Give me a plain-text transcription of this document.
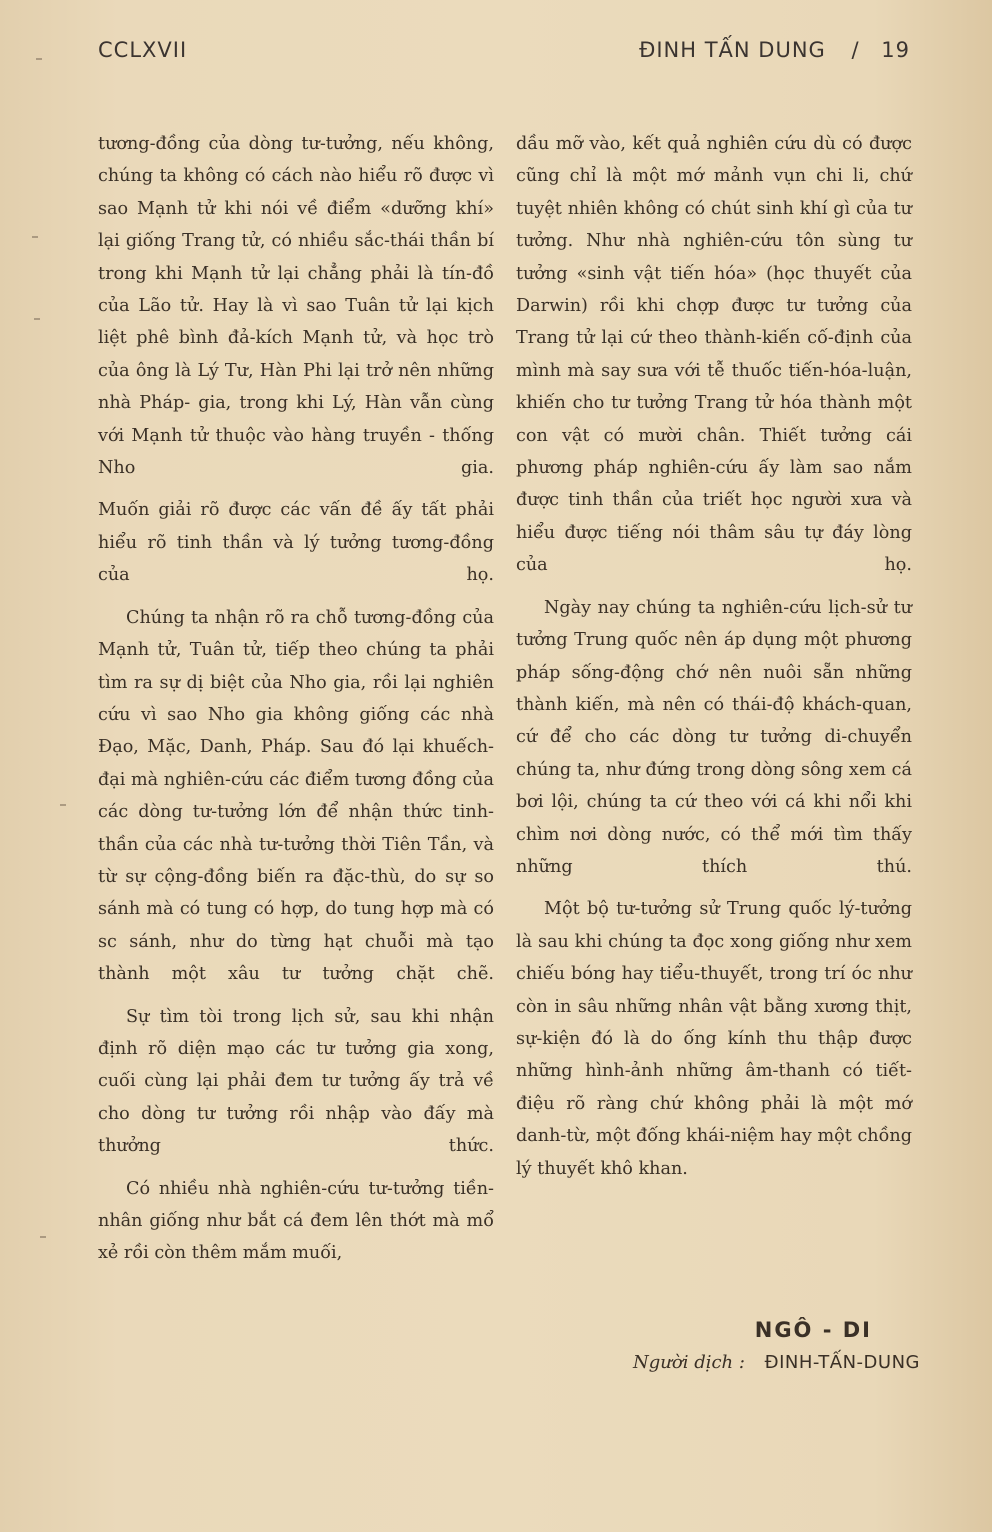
CCLXVII	ĐINH TẤN DUNG / 19

tương-đồng của dòng tư-tưởng, nếu không, chúng ta không có cách nào hiểu rõ được vì sao Mạnh tử khi nói về điểm «dưỡng khí» lại giống Trang tử, có nhiều sắc-thái thần bí trong khi Mạnh tử lại chẳng phải là tín-đồ của Lão tử. Hay là vì sao Tuân tử lại kịch liệt phê bình đả-kích Mạnh tử, và học trò của ông là Lý Tư, Hàn Phi lại trở nên những nhà Pháp- gia, trong khi Lý, Hàn vẫn cùng với Mạnh tử thuộc vào hàng truyền - thống Nho gia.

Muốn giải rõ được các vấn đề ấy tất phải hiểu rõ tinh thần và lý tưởng tương-đồng của họ.

Chúng ta nhận rõ ra chỗ tương-đồng của Mạnh tử, Tuân tử, tiếp theo chúng ta phải tìm ra sự dị biệt của Nho gia, rồi lại nghiên cứu vì sao Nho gia không giống các nhà Đạo, Mặc, Danh, Pháp. Sau đó lại khuếch-đại mà nghiên-cứu các điểm tương đồng của các dòng tư-tưởng lớn để nhận thức tinh-thần của các nhà tư-tưởng thời Tiên Tần, và từ sự cộng-đồng biến ra đặc-thù, do sự so sánh mà có tung có hợp, do tung hợp mà có sc sánh, như do từng hạt chuỗi mà tạo thành một xâu tư tưởng chặt chẽ.

Sự tìm tòi trong lịch sử, sau khi nhận định rõ diện mạo các tư tưởng gia xong, cuối cùng lại phải đem tư tưởng ấy trả về cho dòng tư tưởng rồi nhập vào đấy mà thưởng thức.

Có nhiều nhà nghiên-cứu tư-tưởng tiền-nhân giống như bắt cá đem lên thớt mà mổ xẻ rồi còn thêm mắm muối,

dầu mỡ vào, kết quả nghiên cứu dù có được cũng chỉ là một mớ mảnh vụn chi li, chứ tuyệt nhiên không có chút sinh khí gì của tư tưởng. Như nhà nghiên-cứu tôn sùng tư tưởng «sinh vật tiến hóa» (học thuyết của Darwin) rồi khi chợp được tư tưởng của Trang tử lại cứ theo thành-kiến cố-định của mình mà say sưa với tễ thuốc tiến-hóa-luận, khiến cho tư tưởng Trang tử hóa thành một con vật có mười chân. Thiết tưởng cái phương pháp nghiên-cứu ấy làm sao nắm được tinh thần của triết học người xưa và hiểu được tiếng nói thâm sâu tự đáy lòng của họ.

Ngày nay chúng ta nghiên-cứu lịch-sử tư tưởng Trung quốc nên áp dụng một phương pháp sống-động chớ nên nuôi sẵn những thành kiến, mà nên có thái-độ khách-quan, cứ để cho các dòng tư tưởng di-chuyển chúng ta, như đứng trong dòng sông xem cá bơi lội, chúng ta cứ theo với cá khi nổi khi chìm nơi dòng nước, có thể mới tìm thấy những thích thú.

Một bộ tư-tưởng sử Trung quốc lý-tưởng là sau khi chúng ta đọc xong giống như xem chiếu bóng hay tiểu-thuyết, trong trí óc như còn in sâu những nhân vật bằng xương thịt, sự-kiện đó là do ống kính thu thập được những hình-ảnh những âm-thanh có tiết-điệu rõ ràng chứ không phải là một mớ danh-từ, một đống khái-niệm hay một chồng lý thuyết khô khan.

NGÔ - DI
Người dịch : ĐINH-TẤN-DUNG
